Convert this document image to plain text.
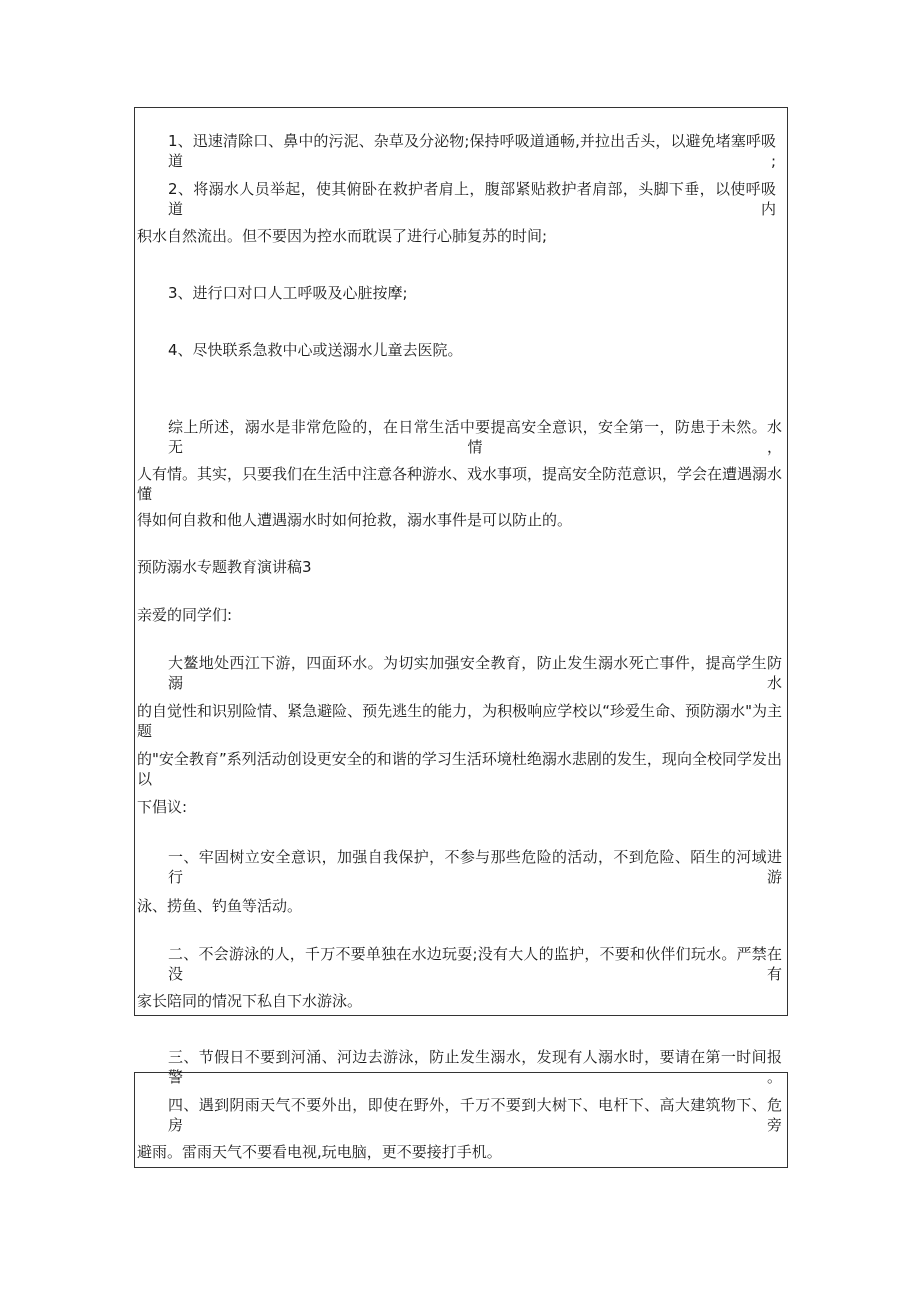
1、迅速清除口、鼻中的污泥、杂草及分泌物;保持呼吸道通畅,并拉出舌头，以避免堵塞呼吸道;
2、将溺水人员举起，使其俯卧在救护者肩上，腹部紧贴救护者肩部，头脚下垂，以使呼吸道内
积水自然流出。但不要因为控水而耽误了进行心肺复苏的时间;
3、进行口对口人工呼吸及心脏按摩;
4、尽快联系急救中心或送溺水儿童去医院。
综上所述，溺水是非常危险的，在日常生活中要提高安全意识，安全第一，防患于未然。水无情，
人有情。其实，只要我们在生活中注意各种游水、戏水事项，提高安全防范意识，学会在遭遇溺水懂
得如何自救和他人遭遇溺水时如何抢救，溺水事件是可以防止的。
预防溺水专题教育演讲稿3
亲爱的同学们:
大鳌地处西江下游，四面环水。为切实加强安全教育，防止发生溺水死亡事件，提高学生防溺水
的自觉性和识别险情、紧急避险、预先逃生的能力，为积极响应学校以“珍爱生命、预防溺水"为主题
的"安全教育”系列活动创设更安全的和谐的学习生活环境杜绝溺水悲剧的发生，现向全校同学发出以
下倡议:
一、牢固树立安全意识，加强自我保护，不参与那些危险的活动，不到危险、陌生的河域进行游
泳、捞鱼、钓鱼等活动。
二、不会游泳的人，千万不要单独在水边玩耍;没有大人的监护，不要和伙伴们玩水。严禁在没有
家长陪同的情况下私自下水游泳。
三、节假日不要到河涌、河边去游泳，防止发生溺水，发现有人溺水时，要请在第一时间报警。
四、遇到阴雨天气不要外出，即使在野外，千万不要到大树下、电杆下、高大建筑物下、危房旁
避雨。雷雨天气不要看电视,玩电脑，更不要接打手机。
